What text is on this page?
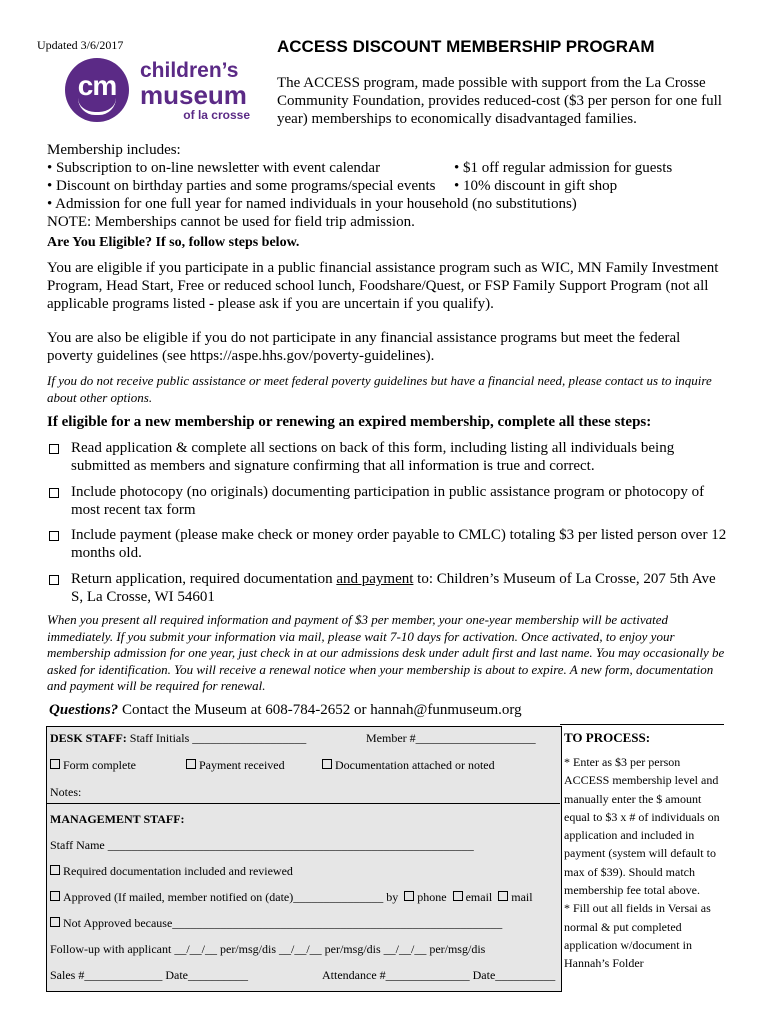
Updated 3/6/2017
cm	children’s
museum
of la crosse
ACCESS DISCOUNT MEMBERSHIP PROGRAM
The ACCESS program, made possible with support from the La Crosse Community Foundation, provides reduced-cost ($3 per person for one full year) memberships to economically disadvantaged families.
Membership includes:
• Subscription to on-line newsletter with event calendar	• $1 off regular admission for guests
• Discount on birthday parties and some programs/special events • 10% discount in gift shop
• Admission for one full year for named individuals in your household (no substitutions)
NOTE: Memberships cannot be used for field trip admission.
Are You Eligible? If so, follow steps below.
You are eligible if you participate in a public financial assistance program such as WIC, MN Family Investment Program, Head Start, Free or reduced school lunch, Foodshare/Quest, or FSP Family Support Program (not all applicable programs listed - please ask if you are uncertain if you qualify).
You are also be eligible if you do not participate in any financial assistance programs but meet the federal poverty guidelines (see https://aspe.hhs.gov/poverty-guidelines).
If you do not receive public assistance or meet federal poverty guidelines but have a financial need, please contact us to inquire about other options.
If eligible for a new membership or renewing an expired membership, complete all these steps:
Read application & complete all sections on back of this form, including listing all individuals being submitted as members and signature confirming that all information is true and correct.
Include photocopy (no originals) documenting participation in public assistance program or photocopy of most recent tax form
Include payment (please make check or money order payable to CMLC) totaling $3 per listed person over 12 months old.
Return application, required documentation and payment to: Children’s Museum of La Crosse, 207 5th Ave S, La Crosse, WI 54601
When you present all required information and payment of $3 per member, your one-year membership will be activated immediately. If you submit your information via mail, please wait 7-10 days for activation. Once activated, to enjoy your membership admission for one year, just check in at our admissions desk under adult first and last name. You may occasionally be asked for identification. You will receive a renewal notice when your membership is about to expire. A new form, documentation and payment will be required for renewal.
Questions? Contact the Museum at 608-784-2652 or hannah@funmuseum.org
DESK STAFF: Staff Initials ___________________	Member #____________________
Form complete	Payment received	Documentation attached or noted
Notes:
MANAGEMENT STAFF:
Staff Name _____________________________________________________________
Required documentation included and reviewed
Approved (If mailed, member notified on (date)_______________ by phone email mail
Not Approved because_______________________________________________________
Follow-up with applicant __/__/__ per/msg/dis __/__/__ per/msg/dis __/__/__ per/msg/dis
Sales #_____________ Date__________	Attendance #______________ Date__________
TO PROCESS:
* Enter as $3 per person ACCESS membership level and manually enter the $ amount equal to $3 x # of individuals on application and included in payment (system will default to max of $39). Should match membership fee total above.
* Fill out all fields in Versai as normal & put completed application w/document in Hannah’s Folder
